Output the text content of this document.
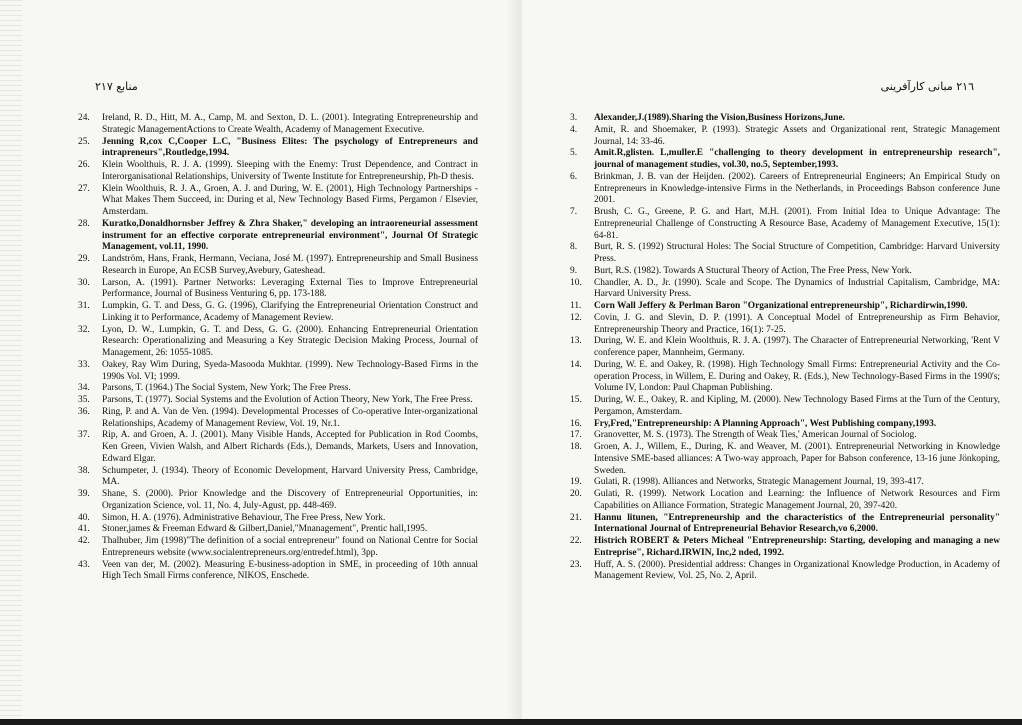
منابع ٢١٧
24. Ireland, R. D., Hitt, M. A., Camp, M. and Sexton, D. L. (2001). Integrating Entrepreneurship and Strategic ManagementActions to Create Wealth, Academy of Management Executive.
25. Jenning R,cox C,Cooper L.C, "Business Elites: The psychology of Entrepreneurs and intrapreneurs",Routledge,1994.
26. Klein Woolthuis, R. J. A. (1999). Sleeping with the Enemy: Trust Dependence, and Contract in Interorganisational Relationships, University of Twente Institute for Entrepreneurship, Ph-D thesis.
27. Klein Woolthuis, R. J. A., Groen, A. J. and During, W. E. (2001), High Technology Partnerships - What Makes Them Succeed, in: During et al, New Technology Based Firms, Pergamon / Elsevier, Amsterdam.
28. Kuratko,Donaldhornsber Jeffrey & Zhra Shaker," developing an intraoreneurial assessment instrument for an effective corporate entrepreneurial environment", Journal Of Strategic Management, vol.11, 1990.
29. Landström, Hans, Frank, Hermann, Veciana, José M. (1997). Entrepreneurship and Small Business Research in Europe, An ECSB Survey,Avebury, Gateshead.
30. Larson, A. (1991). Partner Networks: Leveraging External Ties to Improve Entrepreneurial Performance, Journal of Business Venturing 6, pp. 173-188.
31. Lumpkin, G. T. and Dess, G. G. (1996), Clarifying the Entrepreneurial Orientation Construct and Linking it to Performance, Academy of Management Review.
32. Lyon, D. W., Lumpkin, G. T. and Dess, G. G. (2000). Enhancing Entrepreneurial Orientation Research: Operationalizing and Measuring a Key Strategic Decision Making Process, Journal of Management, 26: 1055-1085.
33. Oakey, Ray Wim During, Syeda-Masooda Mukhtar. (1999). New Technology-Based Firms in the 1990s Vol. VI; 1999.
34. Parsons, T. (1964.) The Social System, New York; The Free Press.
35. Parsons, T. (1977). Social Systems and the Evolution of Action Theory, New York, The Free Press.
36. Ring, P. and A. Van de Ven. (1994). Developmental Processes of Co-operative Inter-organizational Relationships, Academy of Management Review, Vol. 19, Nr.1.
37. Rip, A. and Groen, A. J. (2001). Many Visible Hands, Accepted for Publication in Rod Coombs, Ken Green, Vivien Walsh, and Albert Richards (Eds.), Demands, Markets, Users and Innovation, Edward Elgar.
38. Schumpeter, J. (1934). Theory of Economic Development, Harvard University Press, Cambridge, MA.
39. Shane, S. (2000). Prior Knowledge and the Discovery of Entrepreneurial Opportunities, in: Organization Science, vol. 11, No. 4, July-Agust, pp. 448-469.
40. Simon, H. A. (1976). Administrative Behaviour, The Free Press, New York.
41. Stoner,james & Freeman Edward & Gilbert,Daniel,"Mnanagement", Prentic hall,1995.
42. Thalhuber, Jim (1998)"The definition of a social entrepreneur" found on National Centre for Social Entrepreneurs website (www.socialentrepreneurs.org/entredef.html), 3pp.
43. Veen van der, M. (2002). Measuring E-business-adoption in SME, in proceeding of 10th annual High Tech Small Firms conference, NIKOS, Enschede.
٢١٦ مبانی کارآفرینی
3. Alexander,J.(1989).Sharing the Vision,Business Horizons,June.
4. Amit, R. and Shoemaker, P. (1993). Strategic Assets and Organizational rent, Strategic Management Journal, 14: 33-46.
5. Amit.R,glisten. L,muller.E "challenging to theory development in entrepreneurship research", journal of management studies, vol.30, no.5, September,1993.
6. Brinkman, J. B. van der Heijden. (2002). Careers of Entrepreneurial Engineers; An Empirical Study on Entrepreneurs in Knowledge-intensive Firms in the Netherlands, in Proceedings Babson conference June 2001.
7. Brush, C. G., Greene, P. G. and Hart, M.H. (2001). From Initial Idea to Unique Advantage: The Entrepreneurial Challenge of Constructing A Resource Base, Academy of Management Executive, 15(1): 64-81.
8. Burt, R. S. (1992) Structural Holes: The Social Structure of Competition, Cambridge: Harvard University Press.
9. Burt, R.S. (1982). Towards A Stuctural Theory of Action, The Free Press, New York.
10. Chandler, A. D., Jr. (1990). Scale and Scope. The Dynamics of Industrial Capitalism, Cambridge, MA: Harvard University Press.
11. Corn Wall Jeffery & Perlman Baron "Organizational entrepreneurship", Richardirwin,1990.
12. Covin, J. G. and Slevin, D. P. (1991). A Conceptual Model of Entrepreneurship as Firm Behavior, Entrepreneurship Theory and Practice, 16(1): 7-25.
13. During, W. E. and Klein Woolthuis, R. J. A. (1997). The Character of Entrepreneurial Networking, 'Rent V conference paper, Mannheim, Germany.
14. During, W. E. and Oakey, R. (1998). High Technology Small Firms: Entrepreneurial Activity and the Co-operation Process, in Willem, E. During and Oakey, R. (Eds.), New Technology-Based Firms in the 1990's; Volume IV, London: Paul Chapman Publishing.
15. During, W. E., Oakey, R. and Kipling, M. (2000). New Technology Based Firms at the Turn of the Century, Pergamon, Amsterdam.
16. Fry,Fred,"Entrepreneurship: A Planning Approach", West Publishing company,1993.
17. Granovetter, M. S. (1973). The Strength of Weak Ties,' American Journal of Sociolog.
18. Groen, A. J., Willem, E., During, K. and Weaver, M. (2001). Entrepreneurial Networking in Knowledge Intensive SME-based alliances: A Two-way approach, Paper for Babson conference, 13-16 june Jönkoping, Sweden.
19. Gulati, R. (1998). Alliances and Networks, Strategic Management Journal, 19, 393-417.
20. Gulati, R. (1999). Network Location and Learning: the Influence of Network Resources and Firm Capabilities on Alliance Formation, Strategic Management Journal, 20, 397-420.
21. Hannu litunen, "Entrepreneurship and the characteristics of the Entrepreneurial personality" International Journal of Entrepreneurial Behavior Research,vo 6,2000.
22. Histrich ROBERT & Peters Micheal "Entrepreneurship: Starting, developing and managing a new Entreprise", Richard.IRWIN, Inc,2 nded, 1992.
23. Huff, A. S. (2000). Presidential address: Changes in Organizational Knowledge Production, in Academy of Management Review, Vol. 25, No. 2, April.
